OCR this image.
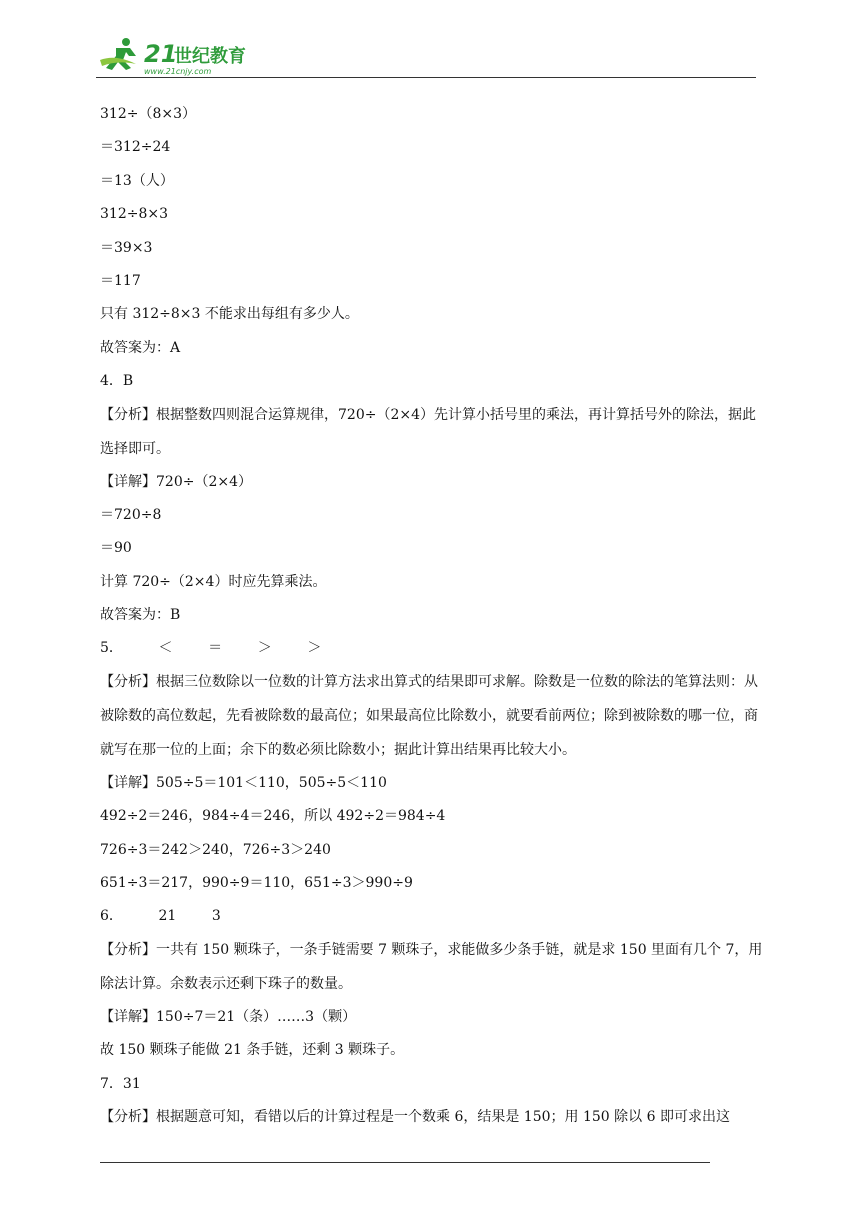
21
世纪教育
www.21cnjy.com
312÷（8×3）
＝312÷24
＝13（人）
312÷8×3
＝39×3
＝117
只有 312÷8×3 不能求出每组有多少人。
故答案为：A
4．B
【分析】根据整数四则混合运算规律，720÷（2×4）先计算小括号里的乘法，再计算括号外的除法，据此选择即可。
【详解】720÷（2×4）
＝720÷8
＝90
计算 720÷（2×4）时应先算乘法。
故答案为：B
5．        ＜        ＝        ＞        ＞
【分析】根据三位数除以一位数的计算方法求出算式的结果即可求解。除数是一位数的除法的笔算法则：从被除数的高位数起，先看被除数的最高位；如果最高位比除数小，就要看前两位；除到被除数的哪一位，商就写在那一位的上面；余下的数必须比除数小；据此计算出结果再比较大小。
【详解】505÷5＝101＜110，505÷5＜110
492÷2＝246，984÷4＝246，所以 492÷2＝984÷4
726÷3＝242＞240，726÷3＞240
651÷3＝217，990÷9＝110，651÷3＞990÷9
6．        21        3
【分析】一共有 150 颗珠子，一条手链需要 7 颗珠子，求能做多少条手链，就是求 150 里面有几个 7，用除法计算。余数表示还剩下珠子的数量。
【详解】150÷7＝21（条）……3（颗）
故 150 颗珠子能做 21 条手链，还剩 3 颗珠子。
7．31
【分析】根据题意可知，看错以后的计算过程是一个数乘 6，结果是 150；用 150 除以 6 即可求出这
